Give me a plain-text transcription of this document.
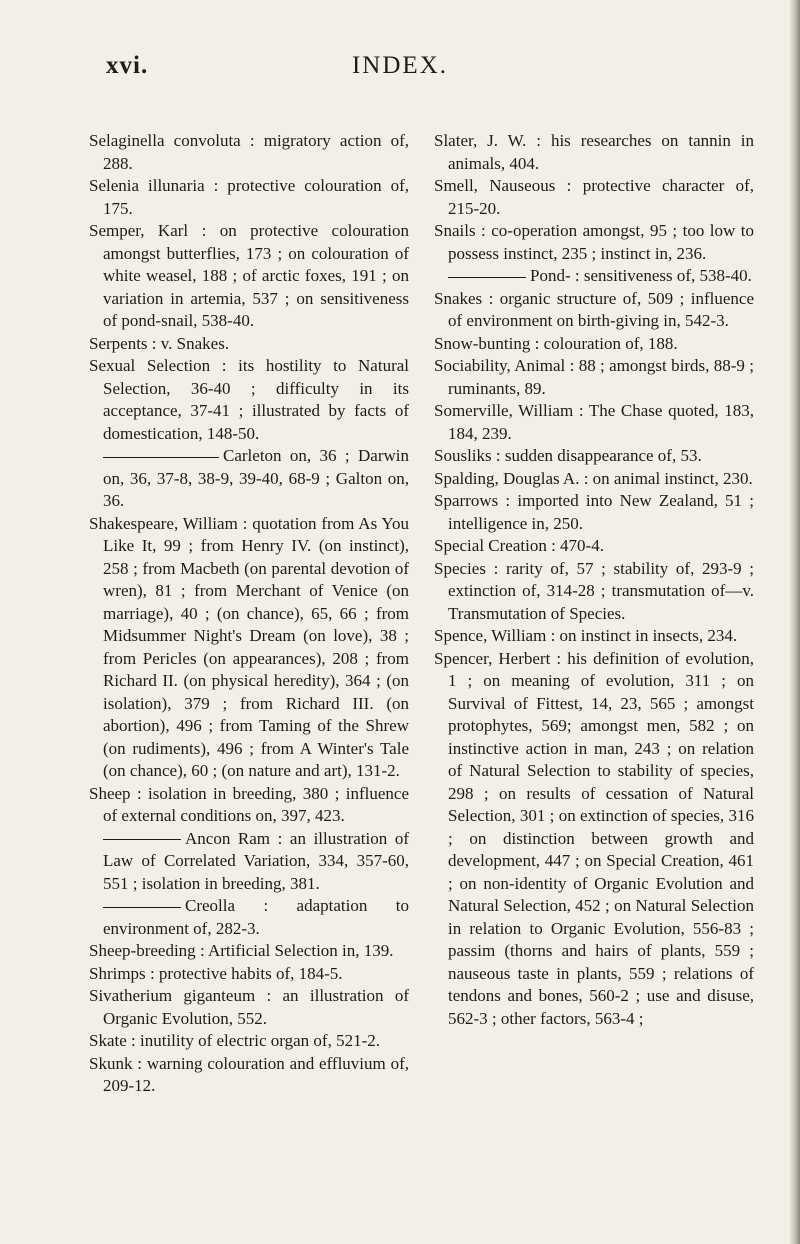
INDEX.
xvi.

Selaginella convoluta : migratory action of, 288.

Selenia illunaria : protective colouration of, 175.

Semper, Karl : on protective colouration amongst butterflies, 173 ; on colouration of white weasel, 188 ; of arctic foxes, 191 ; on variation in artemia, 537 ; on sensitiveness of pond-snail, 538-40.

Serpents : v. Snakes.

Sexual Selection : its hostility to Natural Selection, 36-40 ; difficulty in its acceptance, 37-41 ; illustrated by facts of domestication, 148-50.

Carleton on, 36 ; Darwin on, 36, 37-8, 38-9, 39-40, 68-9 ; Galton on, 36.

Shakespeare, William : quotation from As You Like It, 99 ; from Henry IV. (on instinct), 258 ; from Macbeth (on parental devotion of wren), 81 ; from Merchant of Venice (on marriage), 40 ; (on chance), 65, 66 ; from Midsummer Night's Dream (on love), 38 ; from Pericles (on appearances), 208 ; from Richard II. (on physical heredity), 364 ; (on isolation), 379 ; from Richard III. (on abortion), 496 ; from Taming of the Shrew (on rudiments), 496 ; from A Winter's Tale (on chance), 60 ; (on nature and art), 131-2.

Sheep : isolation in breeding, 380 ; influence of external conditions on, 397, 423.

Ancon Ram : an illustration of Law of Correlated Variation, 334, 357-60, 551 ; isolation in breeding, 381.

Creolla : adaptation to environment of, 282-3.

Sheep-breeding : Artificial Selection in, 139.

Shrimps : protective habits of, 184-5.

Sivatherium giganteum : an illustration of Organic Evolution, 552.

Skate : inutility of electric organ of, 521-2.

Skunk : warning colouration and effluvium of, 209-12.

Slater, J. W. : his researches on tannin in animals, 404.

Smell, Nauseous : protective character of, 215-20.

Snails : co-operation amongst, 95 ; too low to possess instinct, 235 ; instinct in, 236.

Pond- : sensitiveness of, 538-40.

Snakes : organic structure of, 509 ; influence of environment on birth-giving in, 542-3.

Snow-bunting : colouration of, 188.

Sociability, Animal : 88 ; amongst birds, 88-9 ; ruminants, 89.

Somerville, William : The Chase quoted, 183, 184, 239.

Sousliks : sudden disappearance of, 53.

Spalding, Douglas A. : on animal instinct, 230.

Sparrows : imported into New Zealand, 51 ; intelligence in, 250.

Special Creation : 470-4.

Species : rarity of, 57 ; stability of, 293-9 ; extinction of, 314-28 ; transmutation of—v. Transmutation of Species.

Spence, William : on instinct in insects, 234.

Spencer, Herbert : his definition of evolution, 1 ; on meaning of evolution, 311 ; on Survival of Fittest, 14, 23, 565 ; amongst protophytes, 569; amongst men, 582 ; on instinctive action in man, 243 ; on relation of Natural Selection to stability of species, 298 ; on results of cessation of Natural Selection, 301 ; on extinction of species, 316 ; on distinction between growth and development, 447 ; on Special Creation, 461 ; on non-identity of Organic Evolution and Natural Selection, 452 ; on Natural Selection in relation to Organic Evolution, 556-83 ; passim (thorns and hairs of plants, 559 ; nauseous taste in plants, 559 ; relations of tendons and bones, 560-2 ; use and disuse, 562-3 ; other factors, 563-4 ;
